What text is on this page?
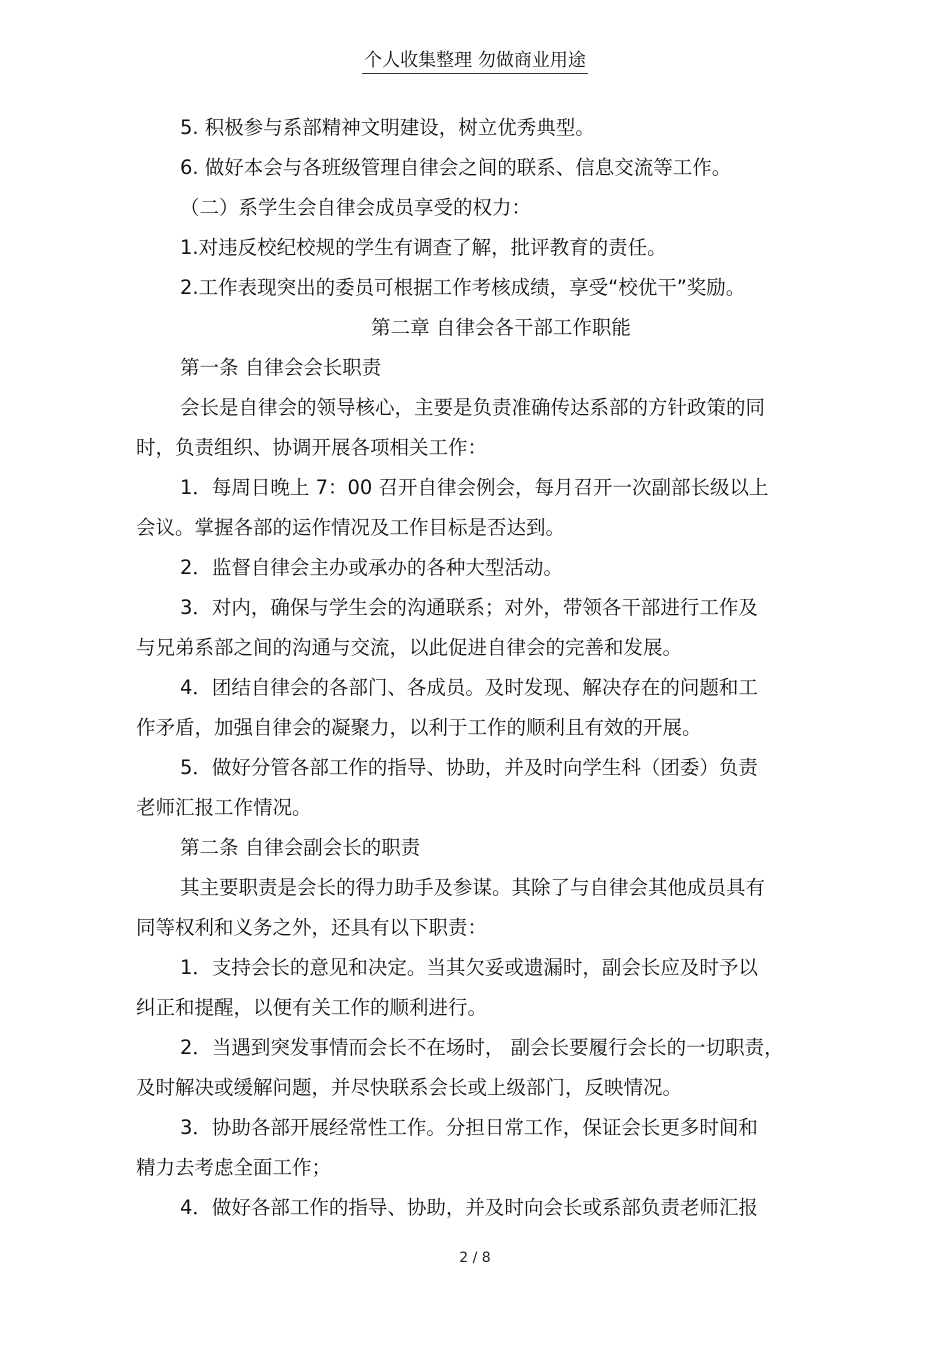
个人收集整理 勿做商业用途
5. 积极参与系部精神文明建设，树立优秀典型。
6. 做好本会与各班级管理自律会之间的联系、信息交流等工作。
（二）系学生会自律会成员享受的权力：
1.对违反校纪校规的学生有调查了解，批评教育的责任。
2.工作表现突出的委员可根据工作考核成绩，享受“校优干”奖励。
第二章 自律会各干部工作职能
第一条 自律会会长职责
会长是自律会的领导核心，主要是负责准确传达系部的方针政策的同
时，负责组织、协调开展各项相关工作：
1．每周日晚上 7：00 召开自律会例会，每月召开一次副部长级以上
会议。掌握各部的运作情况及工作目标是否达到。
2．监督自律会主办或承办的各种大型活动。
3．对内，确保与学生会的沟通联系；对外，带领各干部进行工作及
与兄弟系部之间的沟通与交流，以此促进自律会的完善和发展。
4．团结自律会的各部门、各成员。及时发现、解决存在的问题和工
作矛盾，加强自律会的凝聚力，以利于工作的顺利且有效的开展。
5．做好分管各部工作的指导、协助，并及时向学生科（团委）负责
老师汇报工作情况。
第二条 自律会副会长的职责
其主要职责是会长的得力助手及参谋。其除了与自律会其他成员具有
同等权利和义务之外，还具有以下职责：
1．支持会长的意见和决定。当其欠妥或遗漏时，副会长应及时予以
纠正和提醒，以便有关工作的顺利进行。
2．当遇到突发事情而会长不在场时， 副会长要履行会长的一切职责，
及时解决或缓解问题，并尽快联系会长或上级部门，反映情况。
3．协助各部开展经常性工作。分担日常工作，保证会长更多时间和
精力去考虑全面工作；
4．做好各部工作的指导、协助，并及时向会长或系部负责老师汇报
2 / 8
